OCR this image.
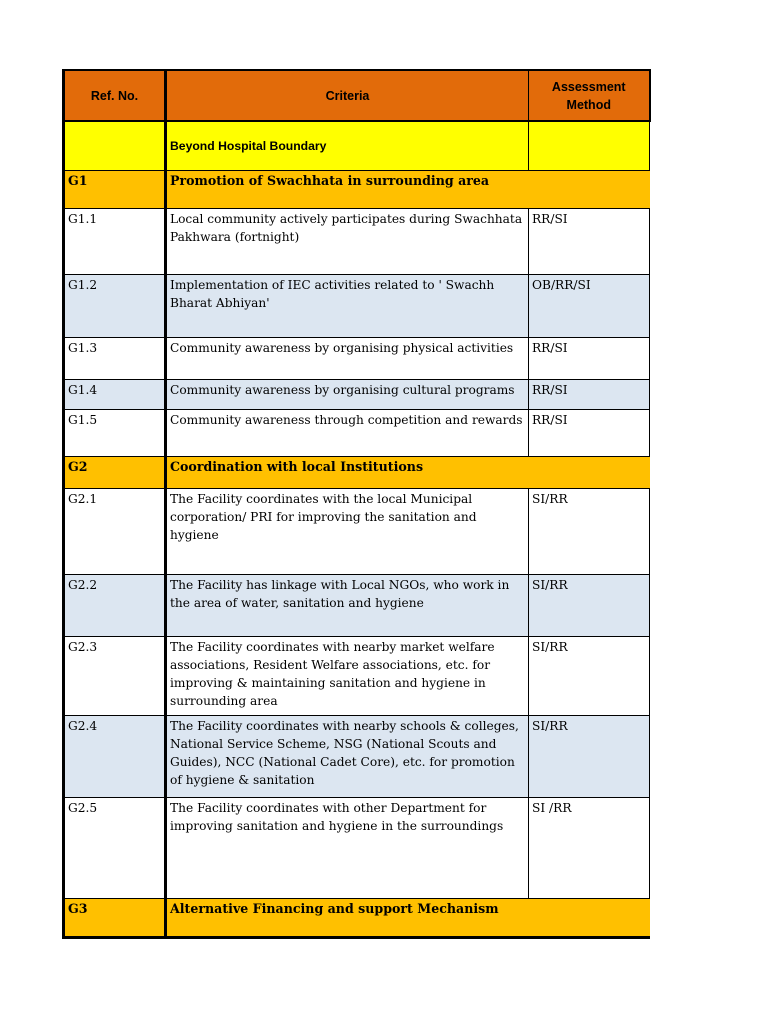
Ref. No.	Criteria	Assessment Method
	Beyond Hospital Boundary	
G1	Promotion of Swachhata in surrounding area	
G1.1	Local community actively participates during Swachhata Pakhwara (fortnight)	RR/SI
G1.2	Implementation of IEC activities related to ' Swachh Bharat Abhiyan'	OB/RR/SI
G1.3	Community awareness by organising physical activities	RR/SI
G1.4	Community awareness by organising cultural programs	RR/SI
G1.5	Community awareness through competition and rewards	RR/SI
G2	Coordination with local Institutions	
G2.1	The Facility coordinates with the local Municipal corporation/ PRI for improving the sanitation and hygiene	SI/RR
G2.2	The Facility has linkage with Local NGOs, who work in the area of water, sanitation and hygiene	SI/RR
G2.3	The Facility coordinates with nearby market welfare associations, Resident Welfare associations, etc. for improving & maintaining sanitation and hygiene in surrounding area	SI/RR
G2.4	The Facility coordinates with nearby schools & colleges, National Service Scheme, NSG (National Scouts and Guides), NCC (National Cadet Core), etc. for promotion of hygiene & sanitation	SI/RR
G2.5	The Facility coordinates with other Department for improving sanitation and hygiene in the surroundings	SI /RR
G3	Alternative Financing and support Mechanism	
